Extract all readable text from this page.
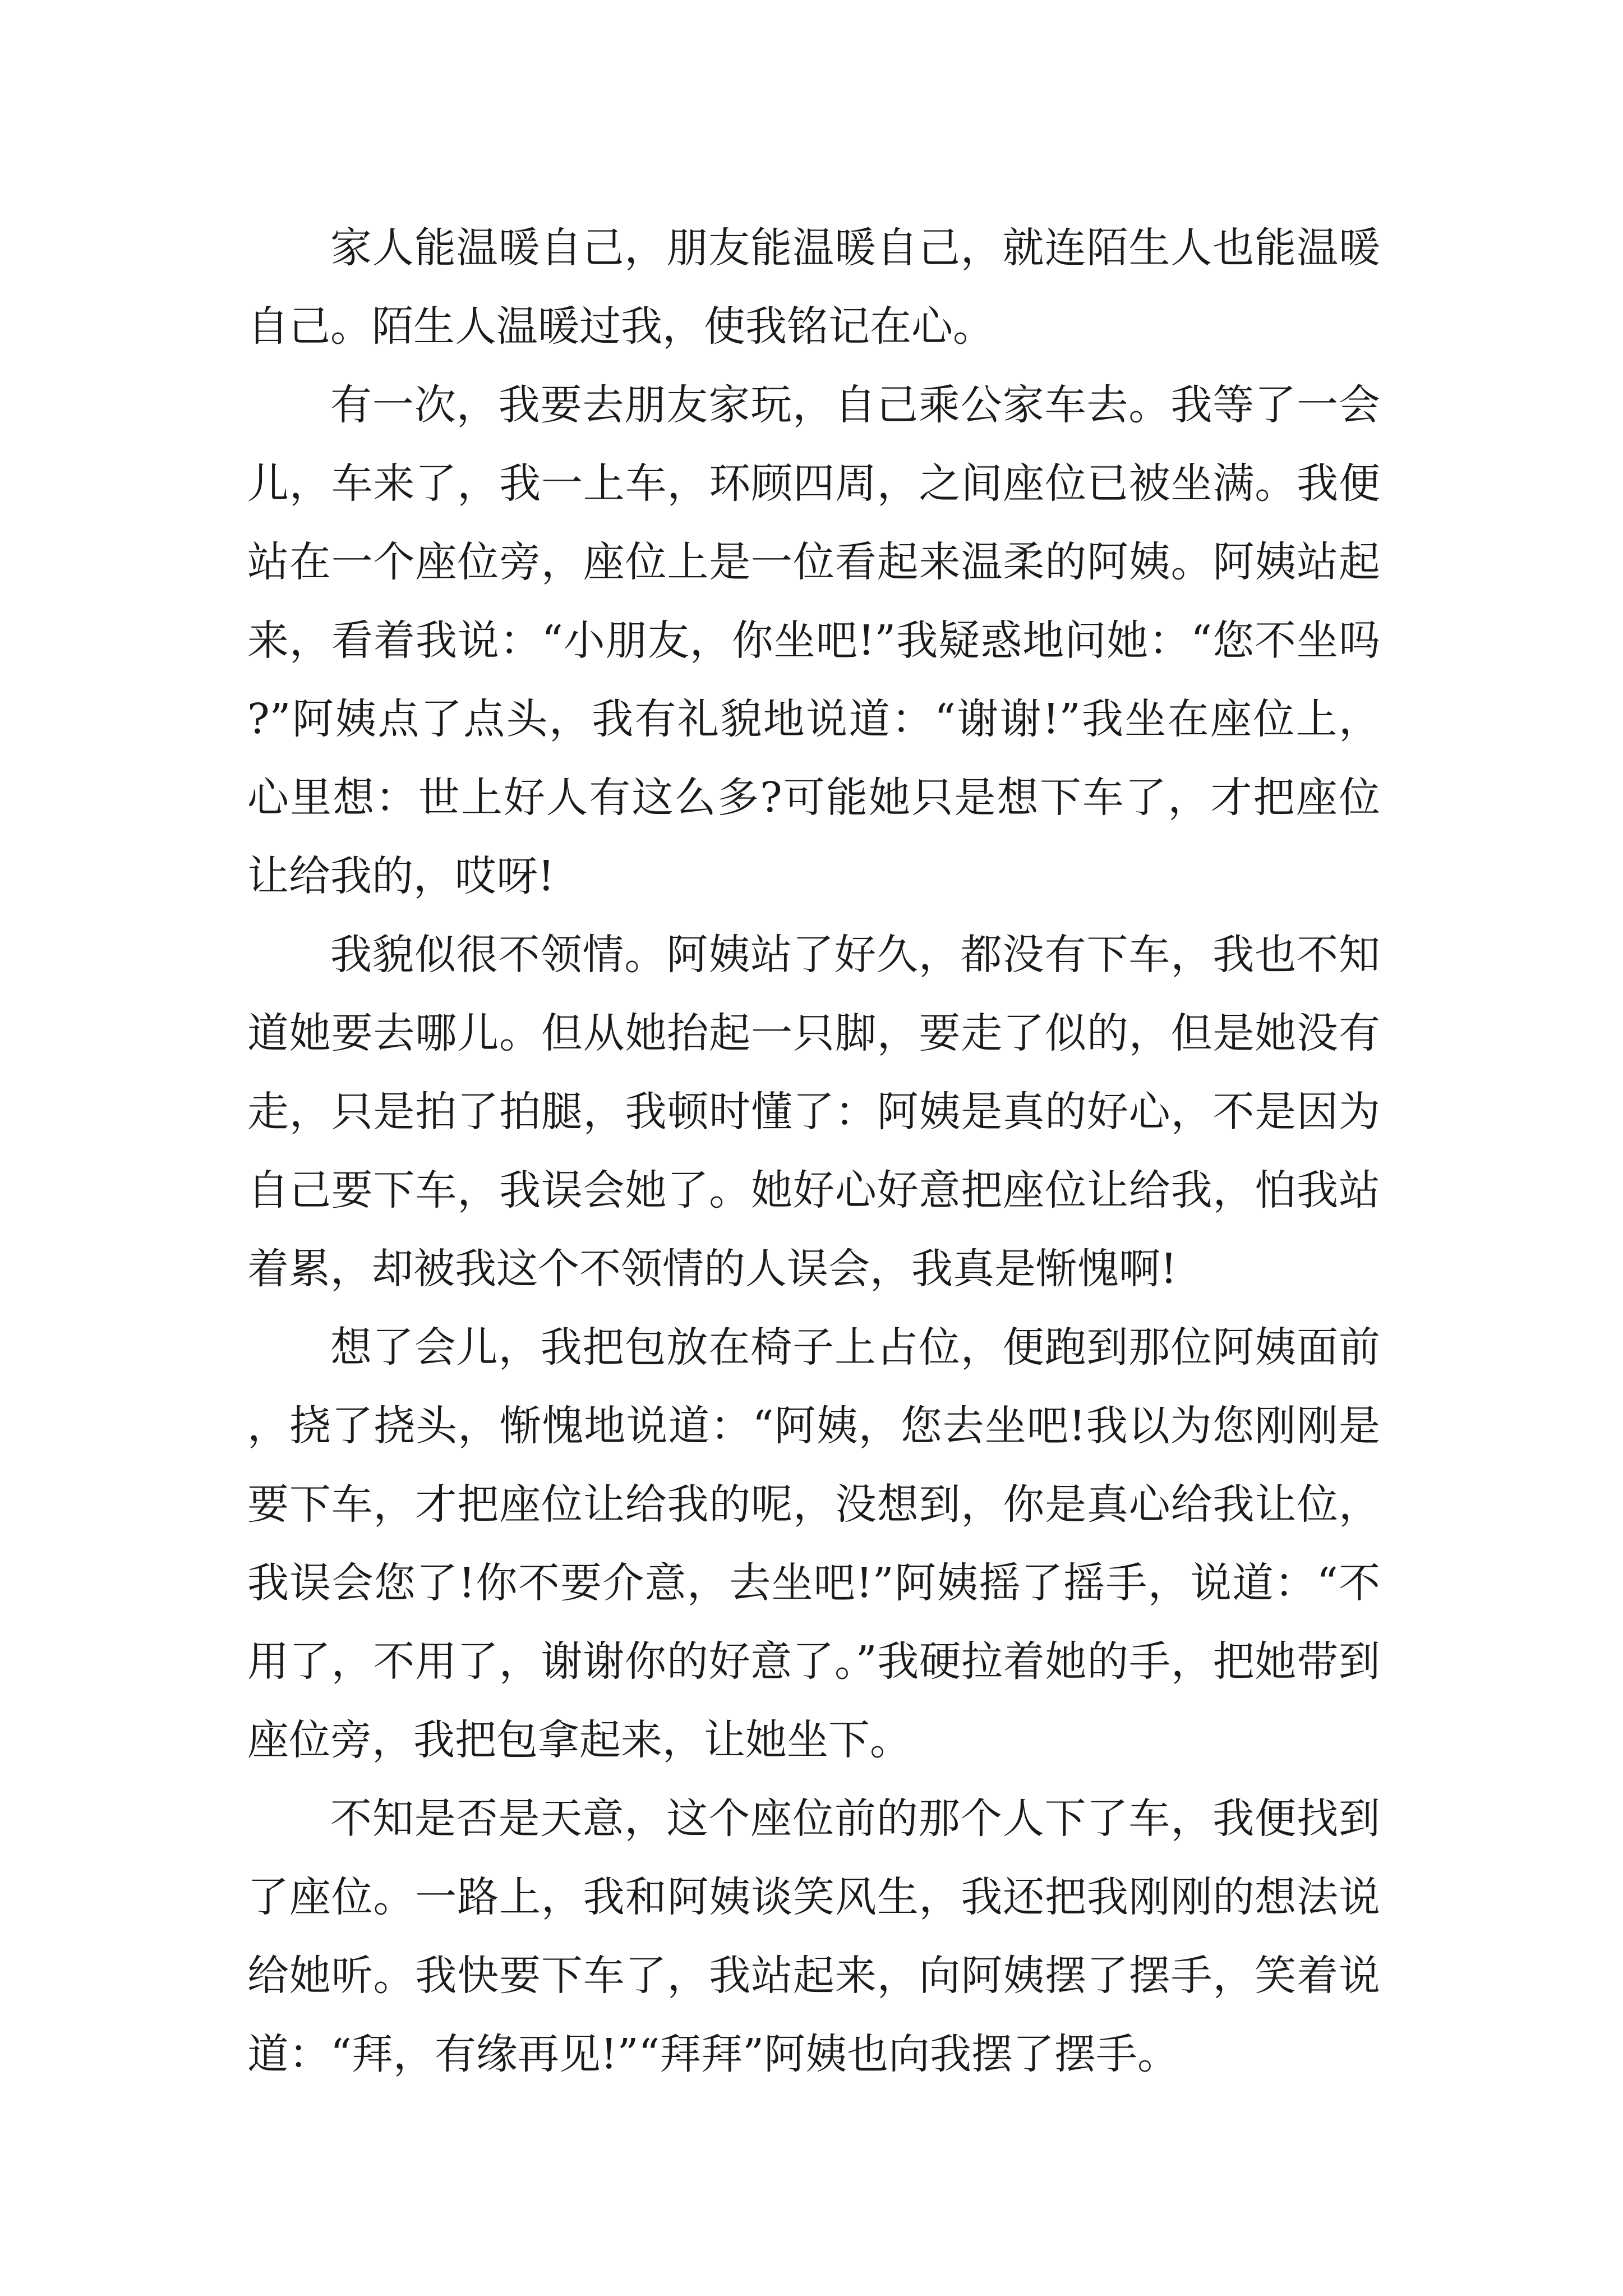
家人能温暖自己，朋友能温暖自己，就连陌生人也能温暖自己。陌生人温暖过我，使我铭记在心。

有一次，我要去朋友家玩，自己乘公家车去。我等了一会儿，车来了，我一上车，环顾四周，之间座位已被坐满。我便站在一个座位旁，座位上是一位看起来温柔的阿姨。阿姨站起来，看着我说：“小朋友，你坐吧!”我疑惑地问她：“您不坐吗?”阿姨点了点头，我有礼貌地说道：“谢谢!”我坐在座位上，心里想：世上好人有这么多?可能她只是想下车了，才把座位让给我的，哎呀!

我貌似很不领情。阿姨站了好久，都没有下车，我也不知道她要去哪儿。但从她抬起一只脚，要走了似的，但是她没有走，只是拍了拍腿，我顿时懂了：阿姨是真的好心，不是因为自己要下车，我误会她了。她好心好意把座位让给我，怕我站着累，却被我这个不领情的人误会，我真是惭愧啊!

想了会儿，我把包放在椅子上占位，便跑到那位阿姨面前，挠了挠头，惭愧地说道：“阿姨，您去坐吧!我以为您刚刚是要下车，才把座位让给我的呢，没想到，你是真心给我让位，我误会您了!你不要介意，去坐吧!”阿姨摇了摇手，说道：“不用了，不用了，谢谢你的好意了。”我硬拉着她的手，把她带到座位旁，我把包拿起来，让她坐下。

不知是否是天意，这个座位前的那个人下了车，我便找到了座位。一路上，我和阿姨谈笑风生，我还把我刚刚的想法说给她听。我快要下车了，我站起来，向阿姨摆了摆手，笑着说道：“拜，有缘再见!”“拜拜”阿姨也向我摆了摆手。
